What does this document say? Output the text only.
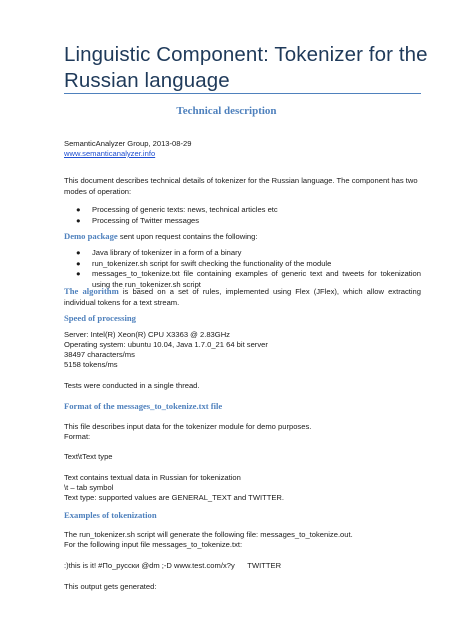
Linguistic Component: Tokenizer for the Russian language
Technical description
SemanticAnalyzer Group, 2013-08-29
www.semanticanalyzer.info
This document describes technical details of tokenizer for the Russian language. The component has two modes of operation:
● Processing of generic texts: news, technical articles etc
● Processing of Twitter messages
Demo package sent upon request contains the following:
● Java library of tokenizer in a form of a binary
● run_tokenizer.sh script for swift checking the functionality of the module
● messages_to_tokenize.txt file containing examples of generic text and tweets for tokenization using the run_tokenizer.sh script
The algorithm is based on a set of rules, implemented using Flex (JFlex), which allow extracting individual tokens for a text stream.
Speed of processing
Server: Intel(R) Xeon(R) CPU X3363 @ 2.83GHz
Operating system: ubuntu 10.04, Java 1.7.0_21 64 bit server
38497 characters/ms
5158 tokens/ms
Tests were conducted in a single thread.
Format of the messages_to_tokenize.txt file
This file describes input data for the tokenizer module for demo purposes.
Format:
Text\tText type
Text contains textual data in Russian for tokenization
\t – tab symbol
Text type: supported values are GENERAL_TEXT and TWITTER.
Examples of tokenization
The run_tokenizer.sh script will generate the following file: messages_to_tokenize.out.
For the following input file messages_to_tokenize.txt:
:)this is it! #По_русски @dm ;-D www.test.com/x?y      TWITTER
This output gets generated:
